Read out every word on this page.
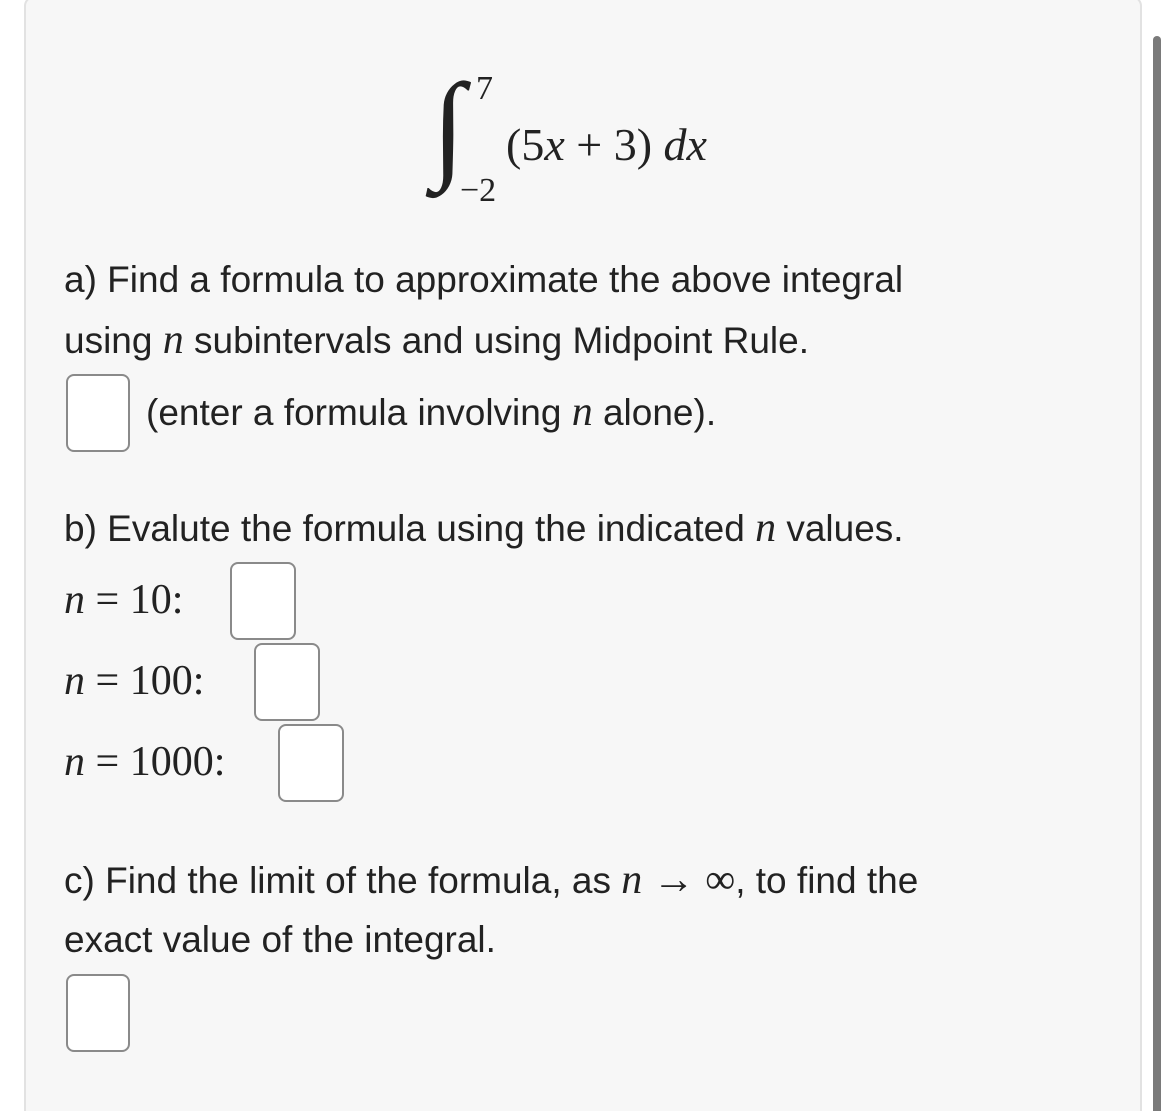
∫ 7
−2
(5x + 3) dx
a) Find a formula to approximate the above integral
using n subintervals and using Midpoint Rule.
(enter a formula involving n alone).
b) Evalute the formula using the indicated n values.
n = 10:
n = 100:
n = 1000:
c) Find the limit of the formula, as n → ∞, to find the
exact value of the integral.
